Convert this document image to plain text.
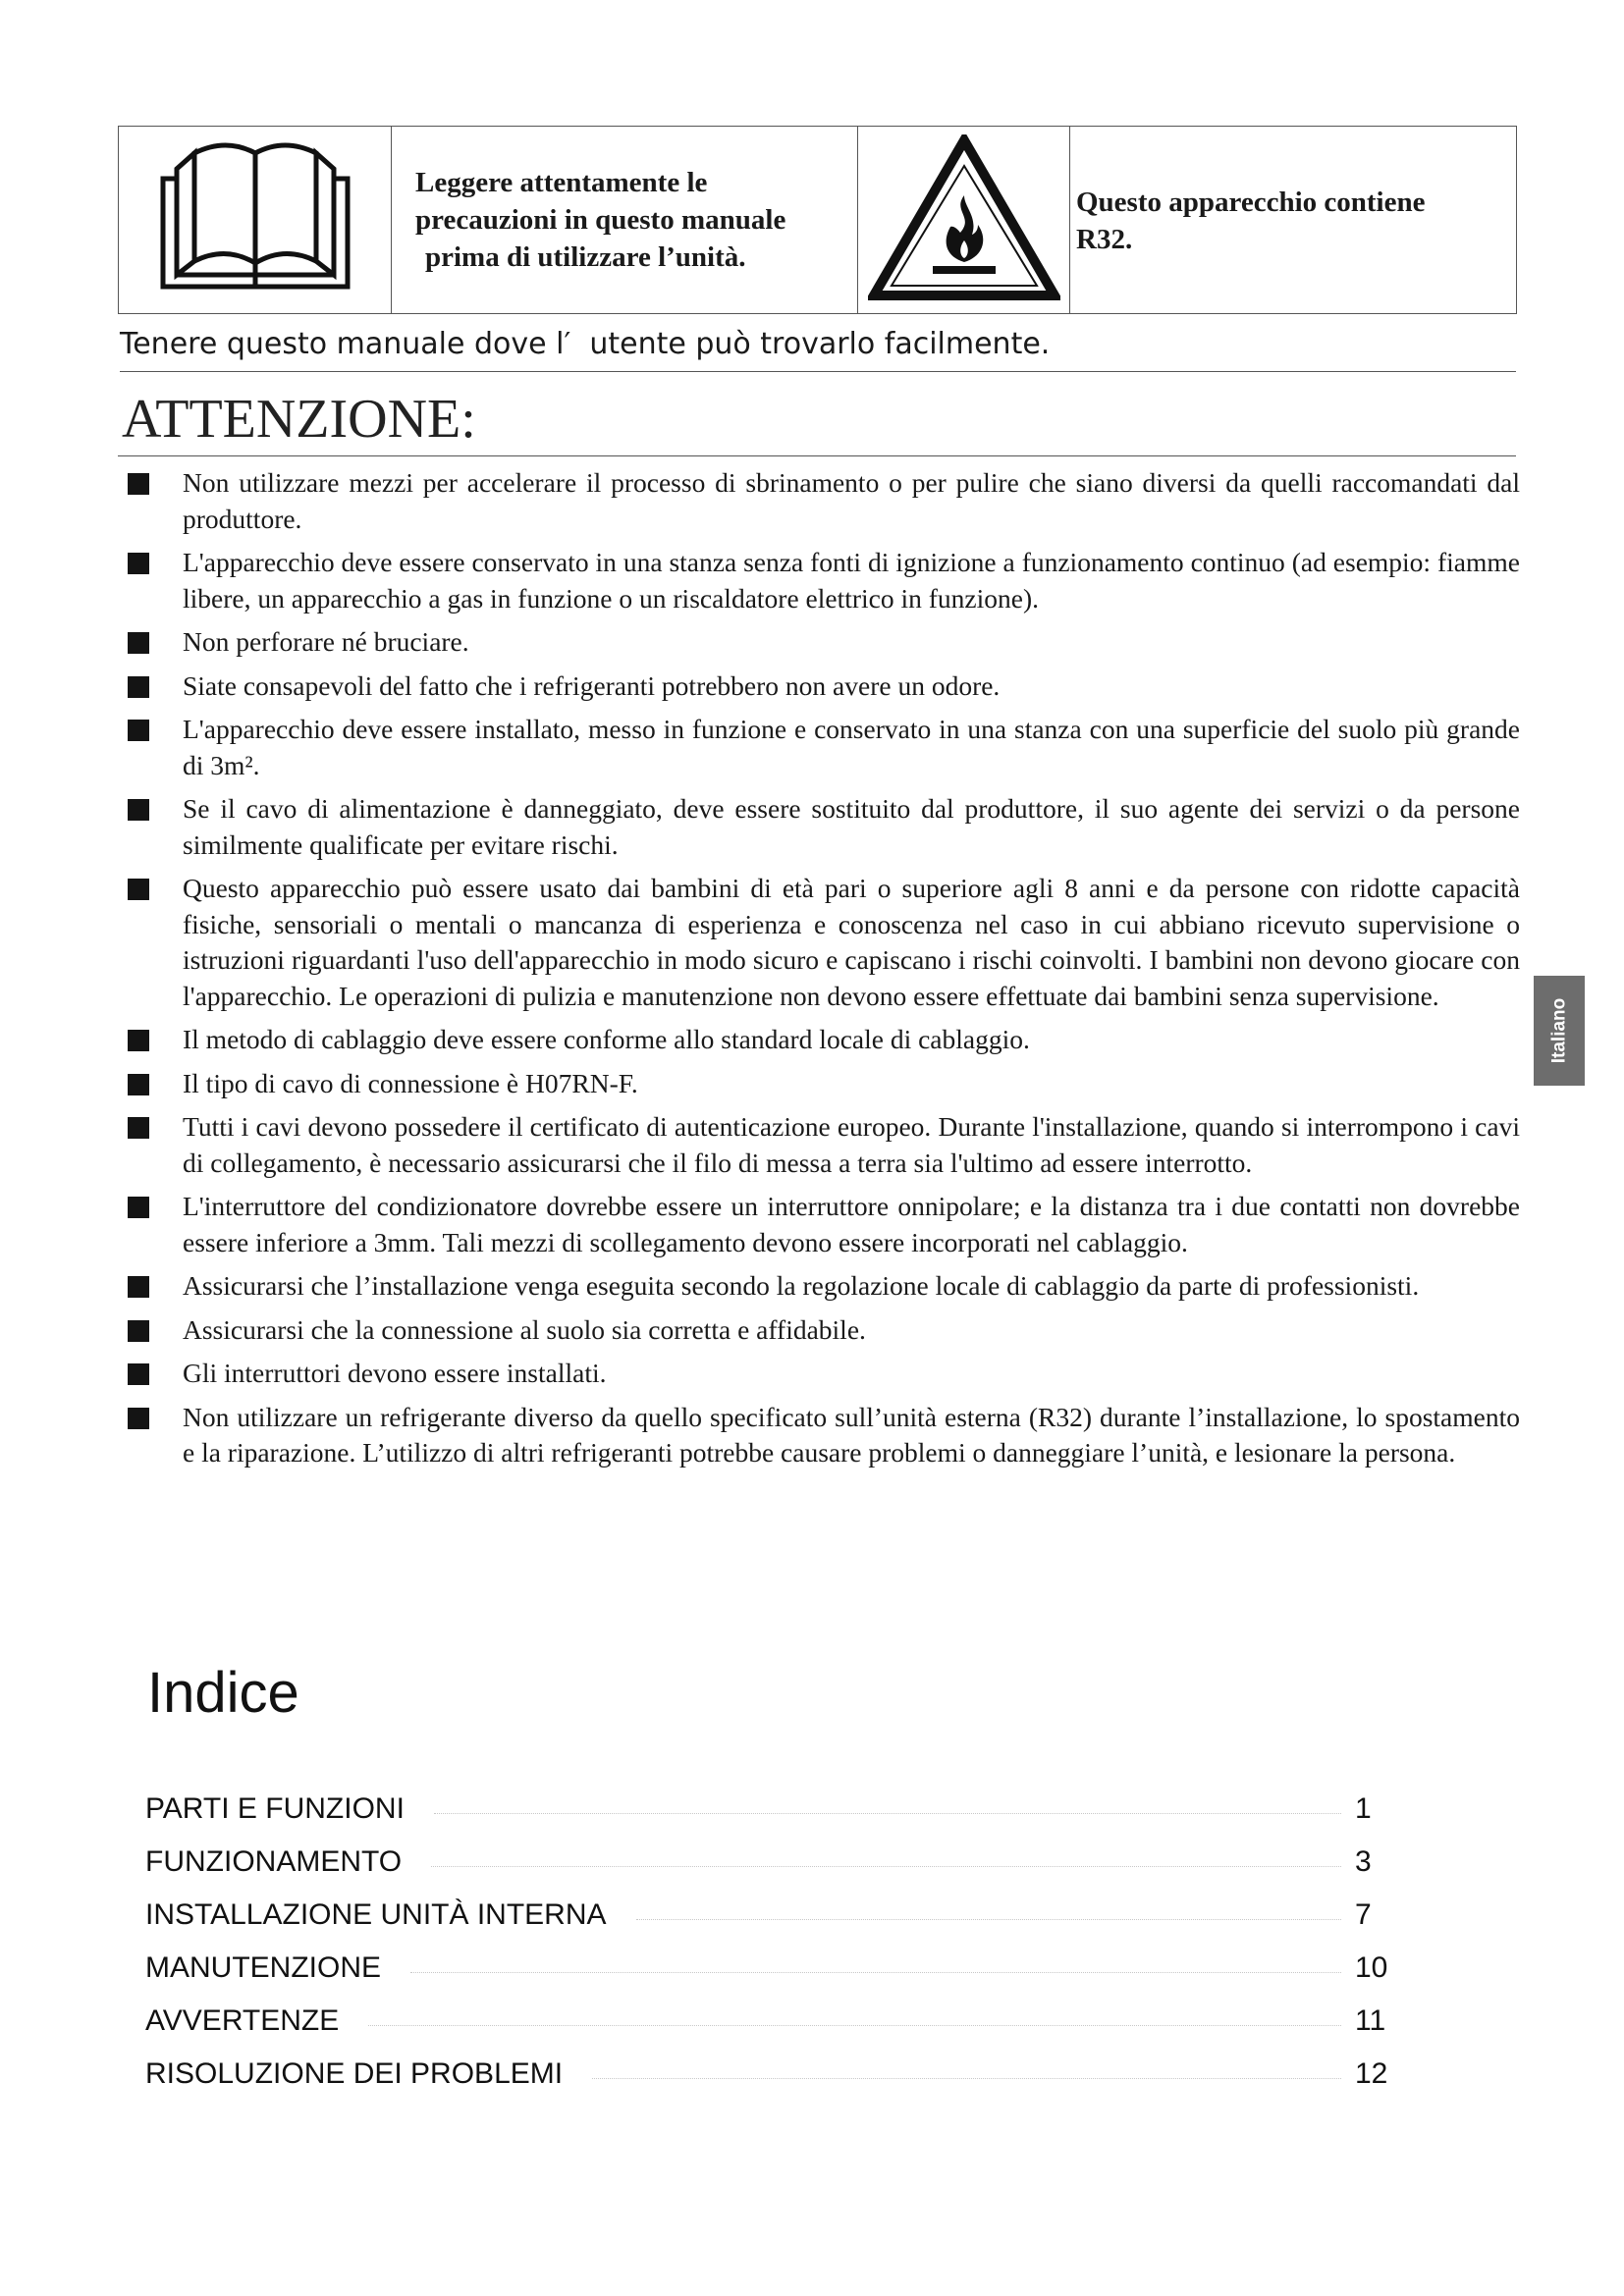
Leggere attentamente le
precauzioni in questo manuale
prima di utilizzare l’unità.

Questo apparecchio contiene
R32.
Tenere questo manuale dove l′  utente può trovarlo facilmente.
ATTENZIONE:
Non utilizzare mezzi per accelerare il processo di sbrinamento o per pulire che siano diversi da quelli raccomandati dal produttore.
L'apparecchio deve essere conservato in una stanza senza fonti di ignizione a funzionamento continuo (ad esempio: fiamme libere, un apparecchio a gas in funzione o un riscaldatore elettrico in funzione).
Non perforare né bruciare.
Siate consapevoli del fatto che i refrigeranti potrebbero non avere un odore.
L'apparecchio deve essere installato, messo in funzione e conservato in una stanza con una superficie del suolo più grande di 3m².
Se il cavo di alimentazione è danneggiato, deve essere sostituito dal produttore, il suo agente dei servizi o da persone similmente qualificate per evitare rischi.
Questo apparecchio può essere usato dai bambini di età pari o superiore agli 8 anni e da persone con ridotte capacità fisiche, sensoriali o mentali o mancanza di esperienza e conoscenza nel caso in cui abbiano ricevuto supervisione o istruzioni riguardanti l'uso dell'apparecchio in modo sicuro e capiscano i rischi coinvolti. I bambini non devono giocare con l'apparecchio. Le operazioni di pulizia e manutenzione non devono essere effettuate dai bambini senza supervisione.
Il metodo di cablaggio deve essere conforme allo standard locale di cablaggio.
Il tipo di cavo di connessione è H07RN-F.
Tutti i cavi devono possedere il certificato di autenticazione europeo. Durante l'installazione, quando si interrompono i cavi di collegamento, è necessario assicurarsi che il filo di messa a terra sia l'ultimo ad essere interrotto.
L'interruttore del condizionatore dovrebbe essere un interruttore onnipolare; e la distanza tra i due contatti non dovrebbe essere inferiore a 3mm. Tali mezzi di scollegamento devono essere incorporati nel cablaggio.
Assicurarsi che l’installazione venga eseguita secondo la regolazione locale di cablaggio da parte di professionisti.
Assicurarsi che la connessione al suolo sia corretta e affidabile.
Gli interruttori devono essere installati.
Non utilizzare un refrigerante diverso da quello specificato sull’unità esterna (R32) durante l’installazione, lo spostamento e la riparazione. L’utilizzo di altri refrigeranti potrebbe causare problemi o danneggiare l’unità, e lesionare la persona.
Indice
PARTI E FUNZIONI	1
FUNZIONAMENTO	3
INSTALLAZIONE UNITÀ INTERNA	7
MANUTENZIONE	10
AVVERTENZE	11
RISOLUZIONE DEI PROBLEMI	12
Italiano
